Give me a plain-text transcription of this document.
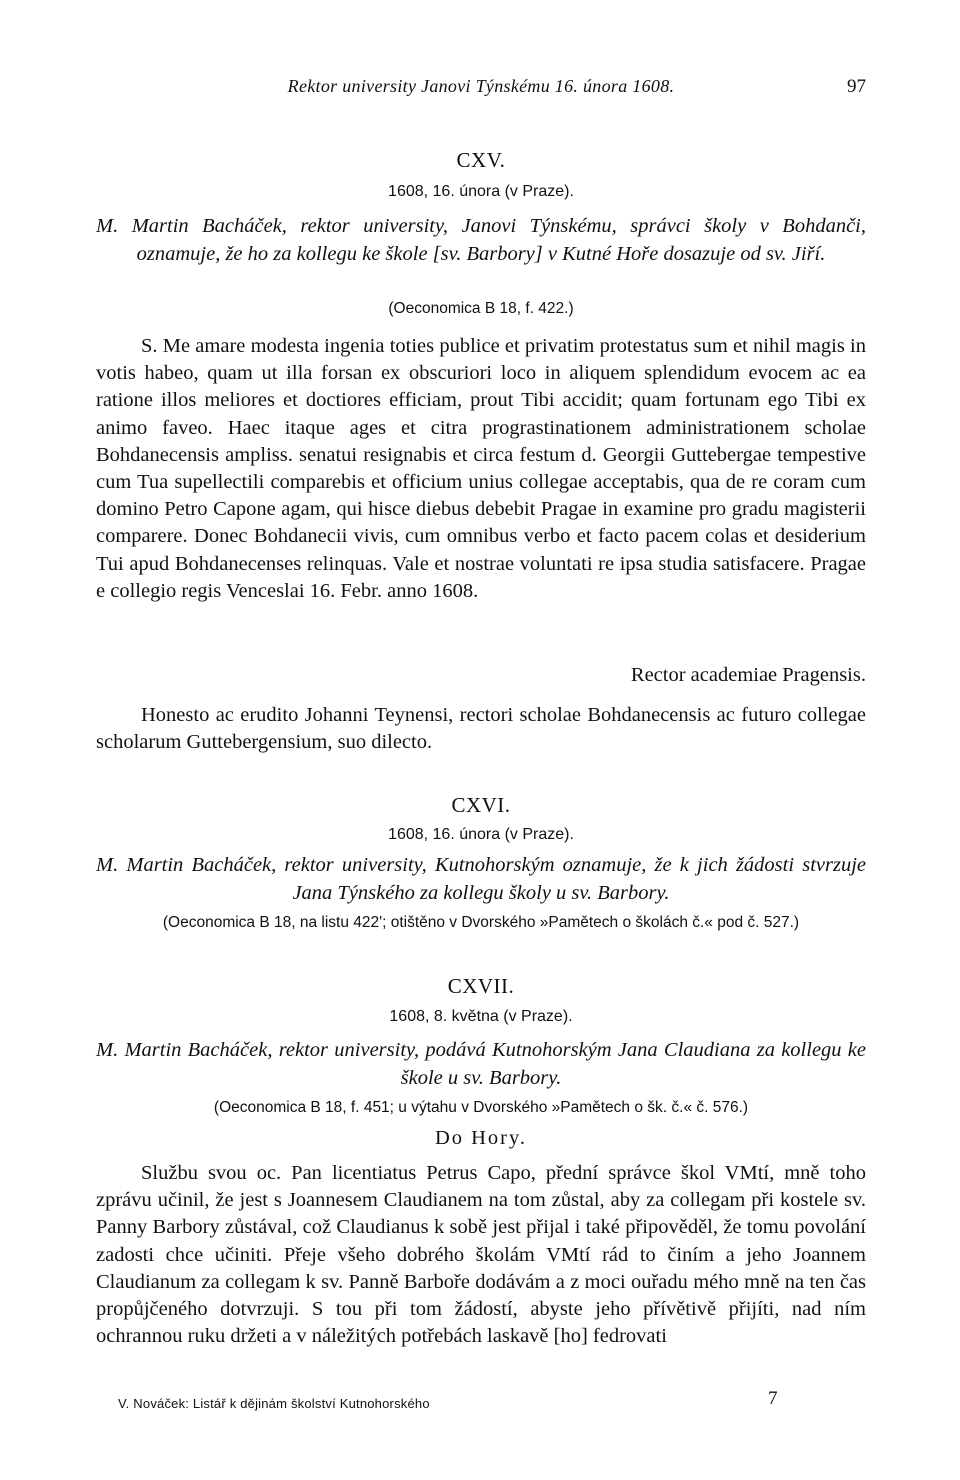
Rektor university Janovi Týnskému 16. února 1608.	97
CXV.
1608, 16. února (v Praze).
M. Martin Bacháček, rektor university, Janovi Týnskému, správci školy v Bohdanči, oznamuje, že ho za kollegu ke škole [sv. Barbory] v Kutné Hoře dosazuje od sv. Jiří.
(Oeconomica B 18, f. 422.)

S. Me amare modesta ingenia toties publice et privatim protestatus sum et nihil magis in votis habeo, quam ut illa forsan ex obscuriori loco in aliquem splendidum evocem ac ea ratione illos meliores et doctiores efficiam, prout Tibi accidit; quam fortunam ego Tibi ex animo faveo. Haec itaque ages et citra prograstinationem administrationem scholae Bohdanecensis ampliss. senatui resignabis et circa festum d. Georgii Guttebergae tempestive cum Tua supellectili comparebis et officium unius collegae acceptabis, qua de re coram cum domino Petro Capone agam, qui hisce diebus debebit Pragae in examine pro gradu magisterii comparere. Donec Bohdanecii vivis, cum omnibus verbo et facto pacem colas et desiderium Tui apud Bohdanecenses relinquas. Vale et nostrae voluntati re ipsa studia satisfacere. Pragae e collegio regis Venceslai 16. Febr. anno 1608.

Rector academiae Pragensis.
Honesto ac erudito Johanni Teynensi, rectori scholae Bohdanecensis ac futuro collegae scholarum Guttebergensium, suo dilecto.
CXVI.
1608, 16. února (v Praze).
M. Martin Bacháček, rektor university, Kutnohorským oznamuje, že k jich žádosti stvrzuje Jana Týnského za kollegu školy u sv. Barbory.
(Oeconomica B 18, na listu 422'; otištěno v Dvorského »Pamětech o školách č.« pod č. 527.)
CXVII.
1608, 8. května (v Praze).
M. Martin Bacháček, rektor university, podává Kutnohorským Jana Claudiana za kollegu ke škole u sv. Barbory.
(Oeconomica B 18, f. 451; u výtahu v Dvorského »Pamětech o šk. č.« č. 576.)
Do Hory.

Službu svou oc. Pan licentiatus Petrus Capo, přední správce škol VMtí, mně toho zprávu učinil, že jest s Joannesem Claudianem na tom zůstal, aby za collegam při kostele sv. Panny Barbory zůstával, což Claudianus k sobě jest přijal i také připověděl, že tomu povolání zadosti chce učiniti. Přeje všeho dobrého školám VMtí rád to činím a jeho Joannem Claudianum za collegam k sv. Panně Barboře dodávám a z moci ouřadu mého mně na ten čas propůjčeného dotvrzuji. S tou při tom žádostí, abyste jeho přívětivě přijíti, nad ním ochrannou ruku držeti a v náležitých potřebách laskavě [ho] fedrovati

V. Nováček: Listář k dějinám školství Kutnohorského	7
